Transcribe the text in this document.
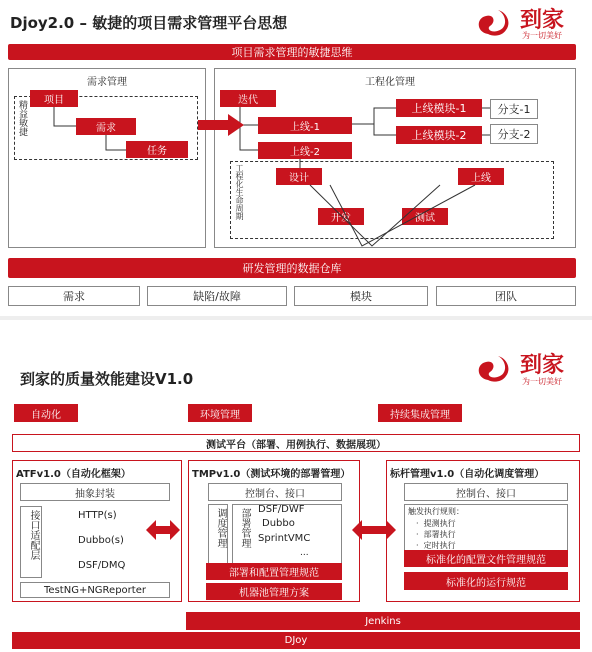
Djoy2.0 – 敏捷的项目需求管理平台思想	到家
为一切美好
项目需求管理的敏捷思维
需求管理
精益敏捷	项目
需求
任务
工程化管理
迭代
上线-1
上线-2
上线模块-1
上线模块-2
分支-1
分支-2
工程化生命周期	设计
开发	测试
上线
研发管理的数据仓库
需求	缺陷/故障	模块	团队
到家的质量效能建设V1.0
到家
为一切美好
自动化	环境管理	持续集成管理
测试平台（部署、用例执行、数据展现）
ATFv1.0（自动化框架）
抽象封装
接口适配层	HTTP(s)
Dubbo(s)
DSF/DMQ
TestNG+NGReporter
TMPv1.0（测试环境的部署管理）
控制台、接口
调度管理 部署管理 DSF/DWF
Dubbo
SprintVMC
...
部署和配置管理规范
机器池管理方案
标杆管理v1.0（自动化调度管理）
控制台、接口
触发执行规则：
·  提测执行
·  部署执行
·  定时执行
标准化的配置文件管理规范
标准化的运行规范
Jenkins
DJoy
